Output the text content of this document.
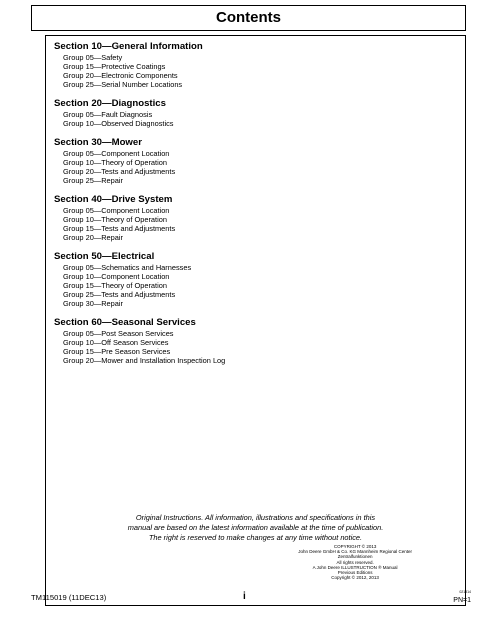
Contents
Section 10—General Information
Group 05—Safety
Group 15—Protective Coatings
Group 20—Electronic Components
Group 25—Serial Number Locations
Section 20—Diagnostics
Group 05—Fault Diagnosis
Group 10—Observed Diagnostics
Section 30—Mower
Group 05—Component Location
Group 10—Theory of Operation
Group 20—Tests and Adjustments
Group 25—Repair
Section 40—Drive System
Group 05—Component Location
Group 10—Theory of Operation
Group 15—Tests and Adjustments
Group 20—Repair
Section 50—Electrical
Group 05—Schematics and Harnesses
Group 10—Component Location
Group 15—Theory of Operation
Group 25—Tests and Adjustments
Group 30—Repair
Section 60—Seasonal Services
Group 05—Post Season Services
Group 10—Off Season Services
Group 15—Pre Season Services
Group 20—Mower and Installation Inspection Log
Original Instructions. All information, illustrations and specifications in this
manual are based on the latest information available at the time of publication.
The right is reserved to make changes at any time without notice.
COPYRIGHT © 2013
John Deere GmbH & Co. KG Mannheim Regional Center
Zentralfunktionen
All rights reserved.
A John Deere ILLUSTRUCTION ® Manual
Previous Editions
Copyright © 2012, 2013
TM115019 (11DEC13)	i	021814
PN=1
